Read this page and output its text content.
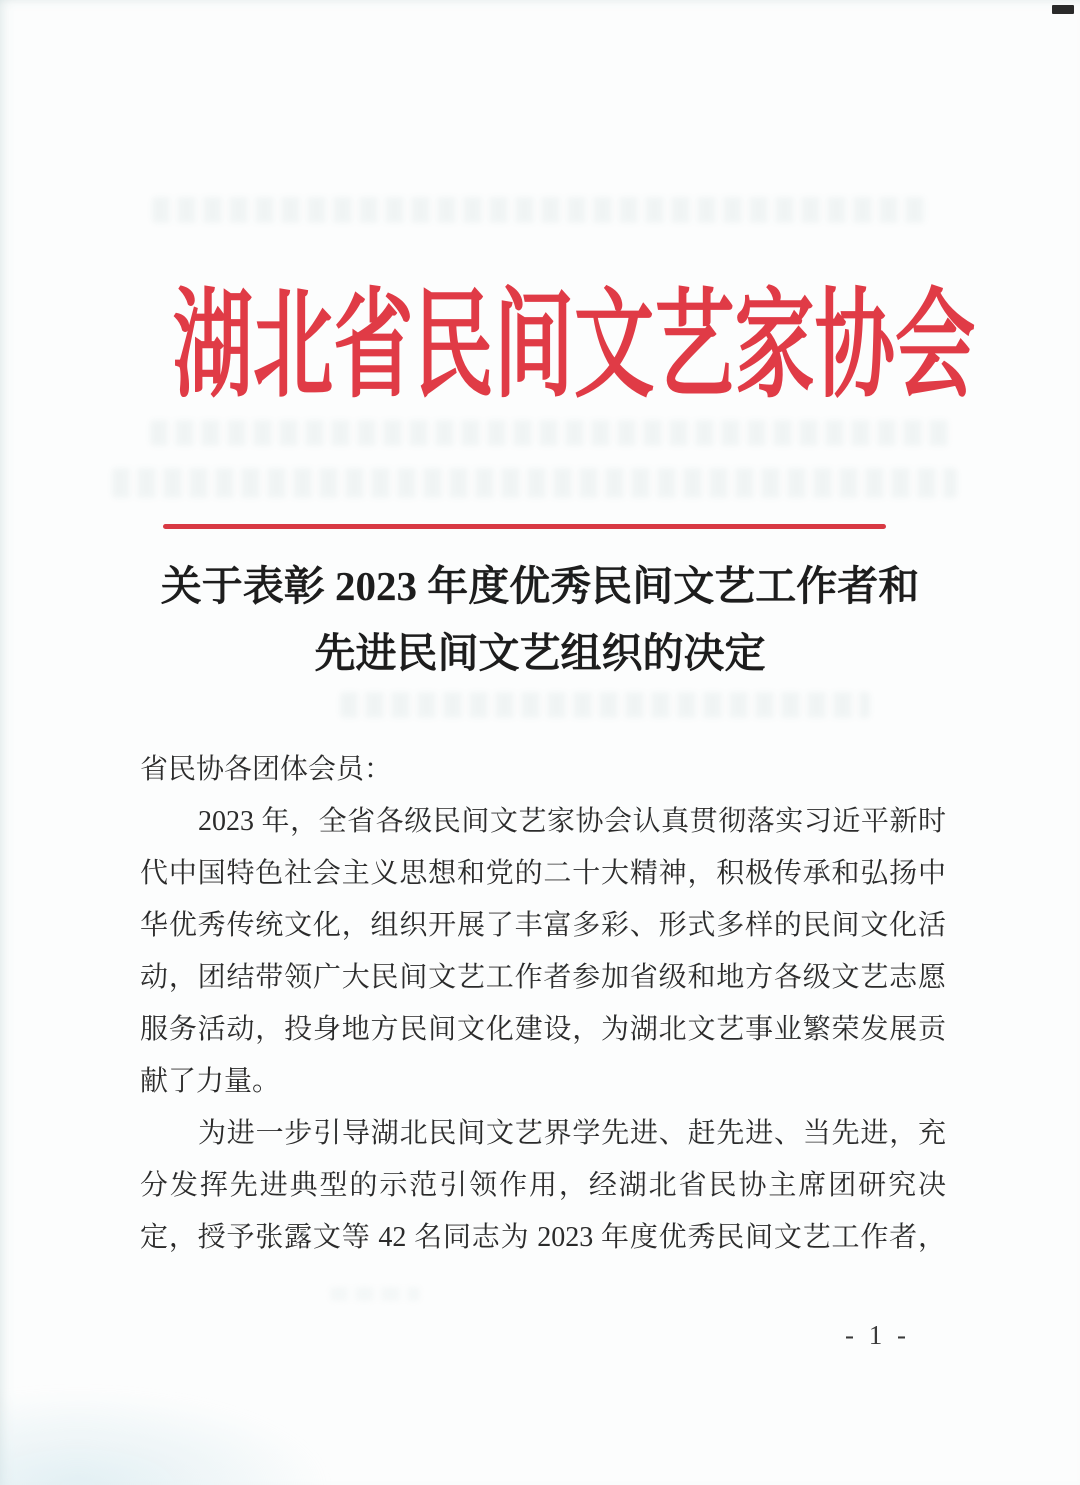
湖北省民间文艺家协会
关于表彰 2023 年度优秀民间文艺工作者和
先进民间文艺组织的决定
省民协各团体会员：
2023 年，全省各级民间文艺家协会认真贯彻落实习近平新时
代中国特色社会主义思想和党的二十大精神，积极传承和弘扬中
华优秀传统文化，组织开展了丰富多彩、形式多样的民间文化活
动，团结带领广大民间文艺工作者参加省级和地方各级文艺志愿
服务活动，投身地方民间文化建设，为湖北文艺事业繁荣发展贡
献了力量。
为进一步引导湖北民间文艺界学先进、赶先进、当先进，充
分发挥先进典型的示范引领作用，经湖北省民协主席团研究决
定，授予张露文等 42 名同志为 2023 年度优秀民间文艺工作者，
- 1 -
